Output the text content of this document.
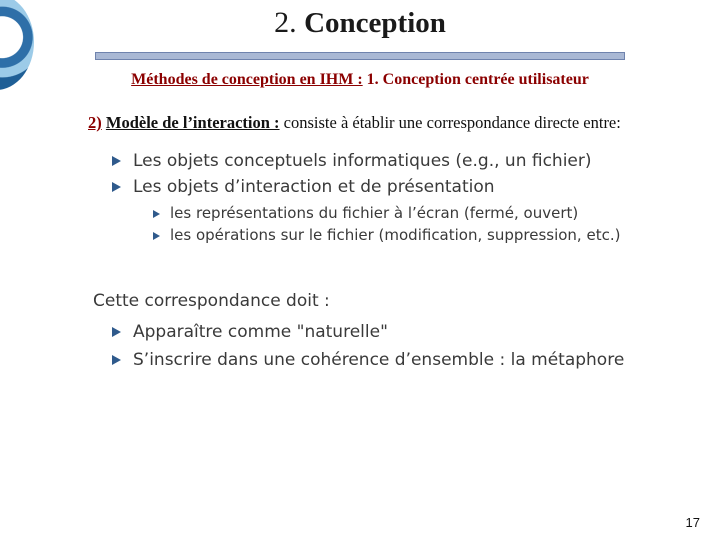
2. Conception
Méthodes de conception en IHM : 1. Conception centrée utilisateur
2) Modèle de l’interaction : consiste à établir une correspondance directe entre:
Les objets conceptuels informatiques (e.g., un fichier)
Les objets d’interaction et de présentation
les représentations du fichier à l’écran (fermé, ouvert)
les opérations sur le fichier (modification, suppression, etc.)
Cette correspondance doit :
Apparaître comme "naturelle"
S’inscrire dans une cohérence d’ensemble : la métaphore
17
